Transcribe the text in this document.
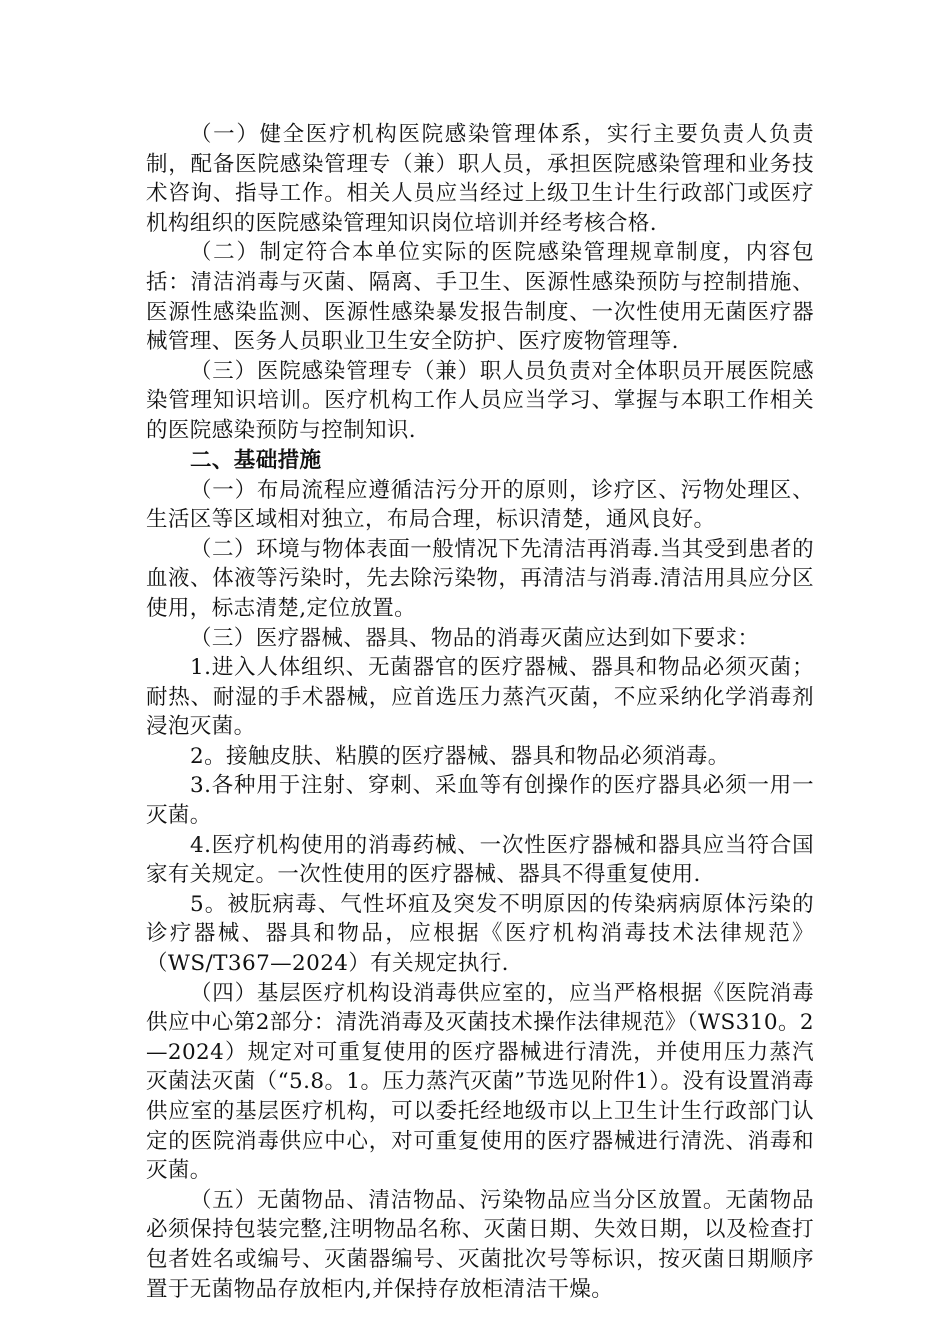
（一）健全医疗机构医院感染管理体系，实行主要负责人负责制，配备医院感染管理专（兼）职人员，承担医院感染管理和业务技术咨询、指导工作。相关人员应当经过上级卫生计生行政部门或医疗机构组织的医院感染管理知识岗位培训并经考核合格.

（二）制定符合本单位实际的医院感染管理规章制度，内容包括：清洁消毒与灭菌、隔离、手卫生、医源性感染预防与控制措施、医源性感染监测、医源性感染暴发报告制度、一次性使用无菌医疗器械管理、医务人员职业卫生安全防护、医疗废物管理等.

（三）医院感染管理专（兼）职人员负责对全体职员开展医院感染管理知识培训。医疗机构工作人员应当学习、掌握与本职工作相关的医院感染预防与控制知识.

二、基础措施

（一）布局流程应遵循洁污分开的原则，诊疗区、污物处理区、生活区等区域相对独立，布局合理，标识清楚，通风良好。

（二）环境与物体表面一般情况下先清洁再消毒.当其受到患者的血液、体液等污染时，先去除污染物，再清洁与消毒.清洁用具应分区使用，标志清楚,定位放置。

（三）医疗器械、器具、物品的消毒灭菌应达到如下要求：

1.进入人体组织、无菌器官的医疗器械、器具和物品必须灭菌；耐热、耐湿的手术器械，应首选压力蒸汽灭菌，不应采纳化学消毒剂浸泡灭菌。

2。接触皮肤、粘膜的医疗器械、器具和物品必须消毒。

3.各种用于注射、穿刺、采血等有创操作的医疗器具必须一用一灭菌。

4.医疗机构使用的消毒药械、一次性医疗器械和器具应当符合国家有关规定。一次性使用的医疗器械、器具不得重复使用.

5。被朊病毒、气性坏疽及突发不明原因的传染病病原体污染的诊疗器械、器具和物品，应根据《医疗机构消毒技术法律规范》（WS/T367—2024）有关规定执行.

（四）基层医疗机构设消毒供应室的，应当严格根据《医院消毒供应中心第2部分：清洗消毒及灭菌技术操作法律规范》（WS310。2—2024）规定对可重复使用的医疗器械进行清洗，并使用压力蒸汽灭菌法灭菌（“5.8。1。压力蒸汽灭菌”节选见附件1）。没有设置消毒供应室的基层医疗机构，可以委托经地级市以上卫生计生行政部门认定的医院消毒供应中心，对可重复使用的医疗器械进行清洗、消毒和灭菌。

（五）无菌物品、清洁物品、污染物品应当分区放置。无菌物品必须保持包装完整,注明物品名称、灭菌日期、失效日期，以及检查打包者姓名或编号、灭菌器编号、灭菌批次号等标识，按灭菌日期顺序置于无菌物品存放柜内,并保持存放柜清洁干燥。
